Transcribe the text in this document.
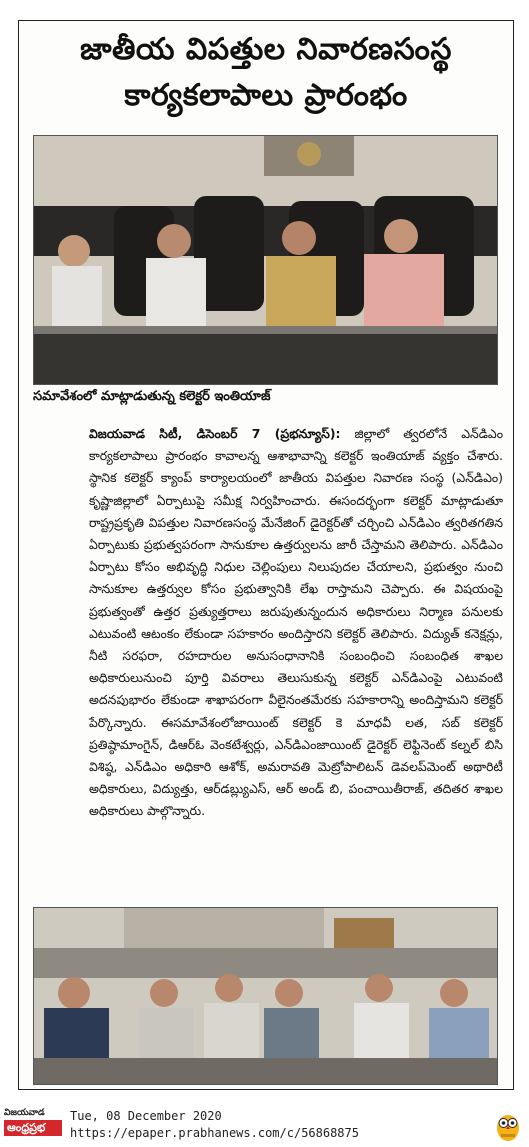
జాతీయ విపత్తుల నివారణసంస్థ
కార్యకలాపాలు ప్రారంభం
సమావేశంలో మాట్లాడుతున్న కలెక్టర్ ఇంతియాజ్

విజయవాడ సిటీ, డిసెంబర్ 7 (ప్రభన్యూస్): జిల్లాలో త్వరలోనే ఎన్‌డిఎం కార్యకలాపాలు ప్రారంభం కావాలన్న ఆశాభావాన్ని కలెక్టర్ ఇంతియాజ్ వ్యక్తం చేశారు. స్థానిక కలెక్టర్ క్యాంప్ కార్యాలయంలో జాతీయ విపత్తుల నివారణ సంస్థ (ఎన్‌డిఎం) కృష్ణాజిల్లాలో ఏర్పాటుపై సమీక్ష నిర్వహించారు. ఈసందర్భంగా కలెక్టర్ మాట్లాడుతూ రాష్ట్రప్రకృతి విపత్తుల నివారణసంస్థ మేనేజింగ్ డైరెక్టర్‌తో చర్చించి ఎన్‌డిఎం త్వరితగతిన ఏర్పాటుకు ప్రభుత్వపరంగా సానుకూల ఉత్తర్వులను జారీ చేస్తామని తెలిపారు. ఎన్‌డిఎం ఏర్పాటు కోసం అభివృద్ధి నిధుల చెల్లింపులు నిలుపుదల చేయాలని, ప్రభుత్వం నుంచి సానుకూల ఉత్తర్వుల కోసం ప్రభుత్వానికి లేఖ రాస్తామని చెప్పారు. ఈ విషయంపై ప్రభుత్వంతో ఉత్తర ప్రత్యుత్తరాలు జరుపుతున్నందున అధికారులు నిర్మాణ పనులకు ఎటువంటి ఆటంకం లేకుండా సహకారం అందిస్తారని కలెక్టర్ తెలిపారు. విద్యుత్ కనెక్షన్లు, నీటి సరఫరా, రహదారుల అనుసంధానానికి సంబంధించి సంబంధిత శాఖల అధికారులునుంచి పూర్తి వివరాలు తెలుసుకున్న కలెక్టర్ ఎన్‌డిఎంపై ఎటువంటి అదనపుభారం లేకుండా శాఖాపరంగా వీలైనంతమేరకు సహకారాన్ని అందిస్తామని కలెక్టర్ పేర్కొన్నారు. ఈసమావేశంలోజాయింట్ కలెక్టర్ కె మాధవీ లత, సబ్ కలెక్టర్ ప్రతిష్ఠామాంగైన్, డిఆర్ఓ వెంకటేశ్వర్లు, ఎన్‌డిఎంజాయింట్ డైరెక్టర్ లెఫ్టినెంట్ కల్నల్ బిసి విశిష్ఠ, ఎన్‌డిఎం అధికారి ఆశోక్, అమరావతి మెట్రోపాలిటన్ డెవలప్‌మెంట్ అథారిటీ అధికారులు, విద్యుత్తు, ఆర్‌డబ్ల్యుఎస్, ఆర్ అండ్ బి, పంచాయితీరాజ్, తదితర శాఖల అధికారులు పాల్గొన్నారు.

విజయవాడ
ఆంధ్రప్రభ
Tue, 08 December 2020
https://epaper.prabhanews.com/c/56868875
